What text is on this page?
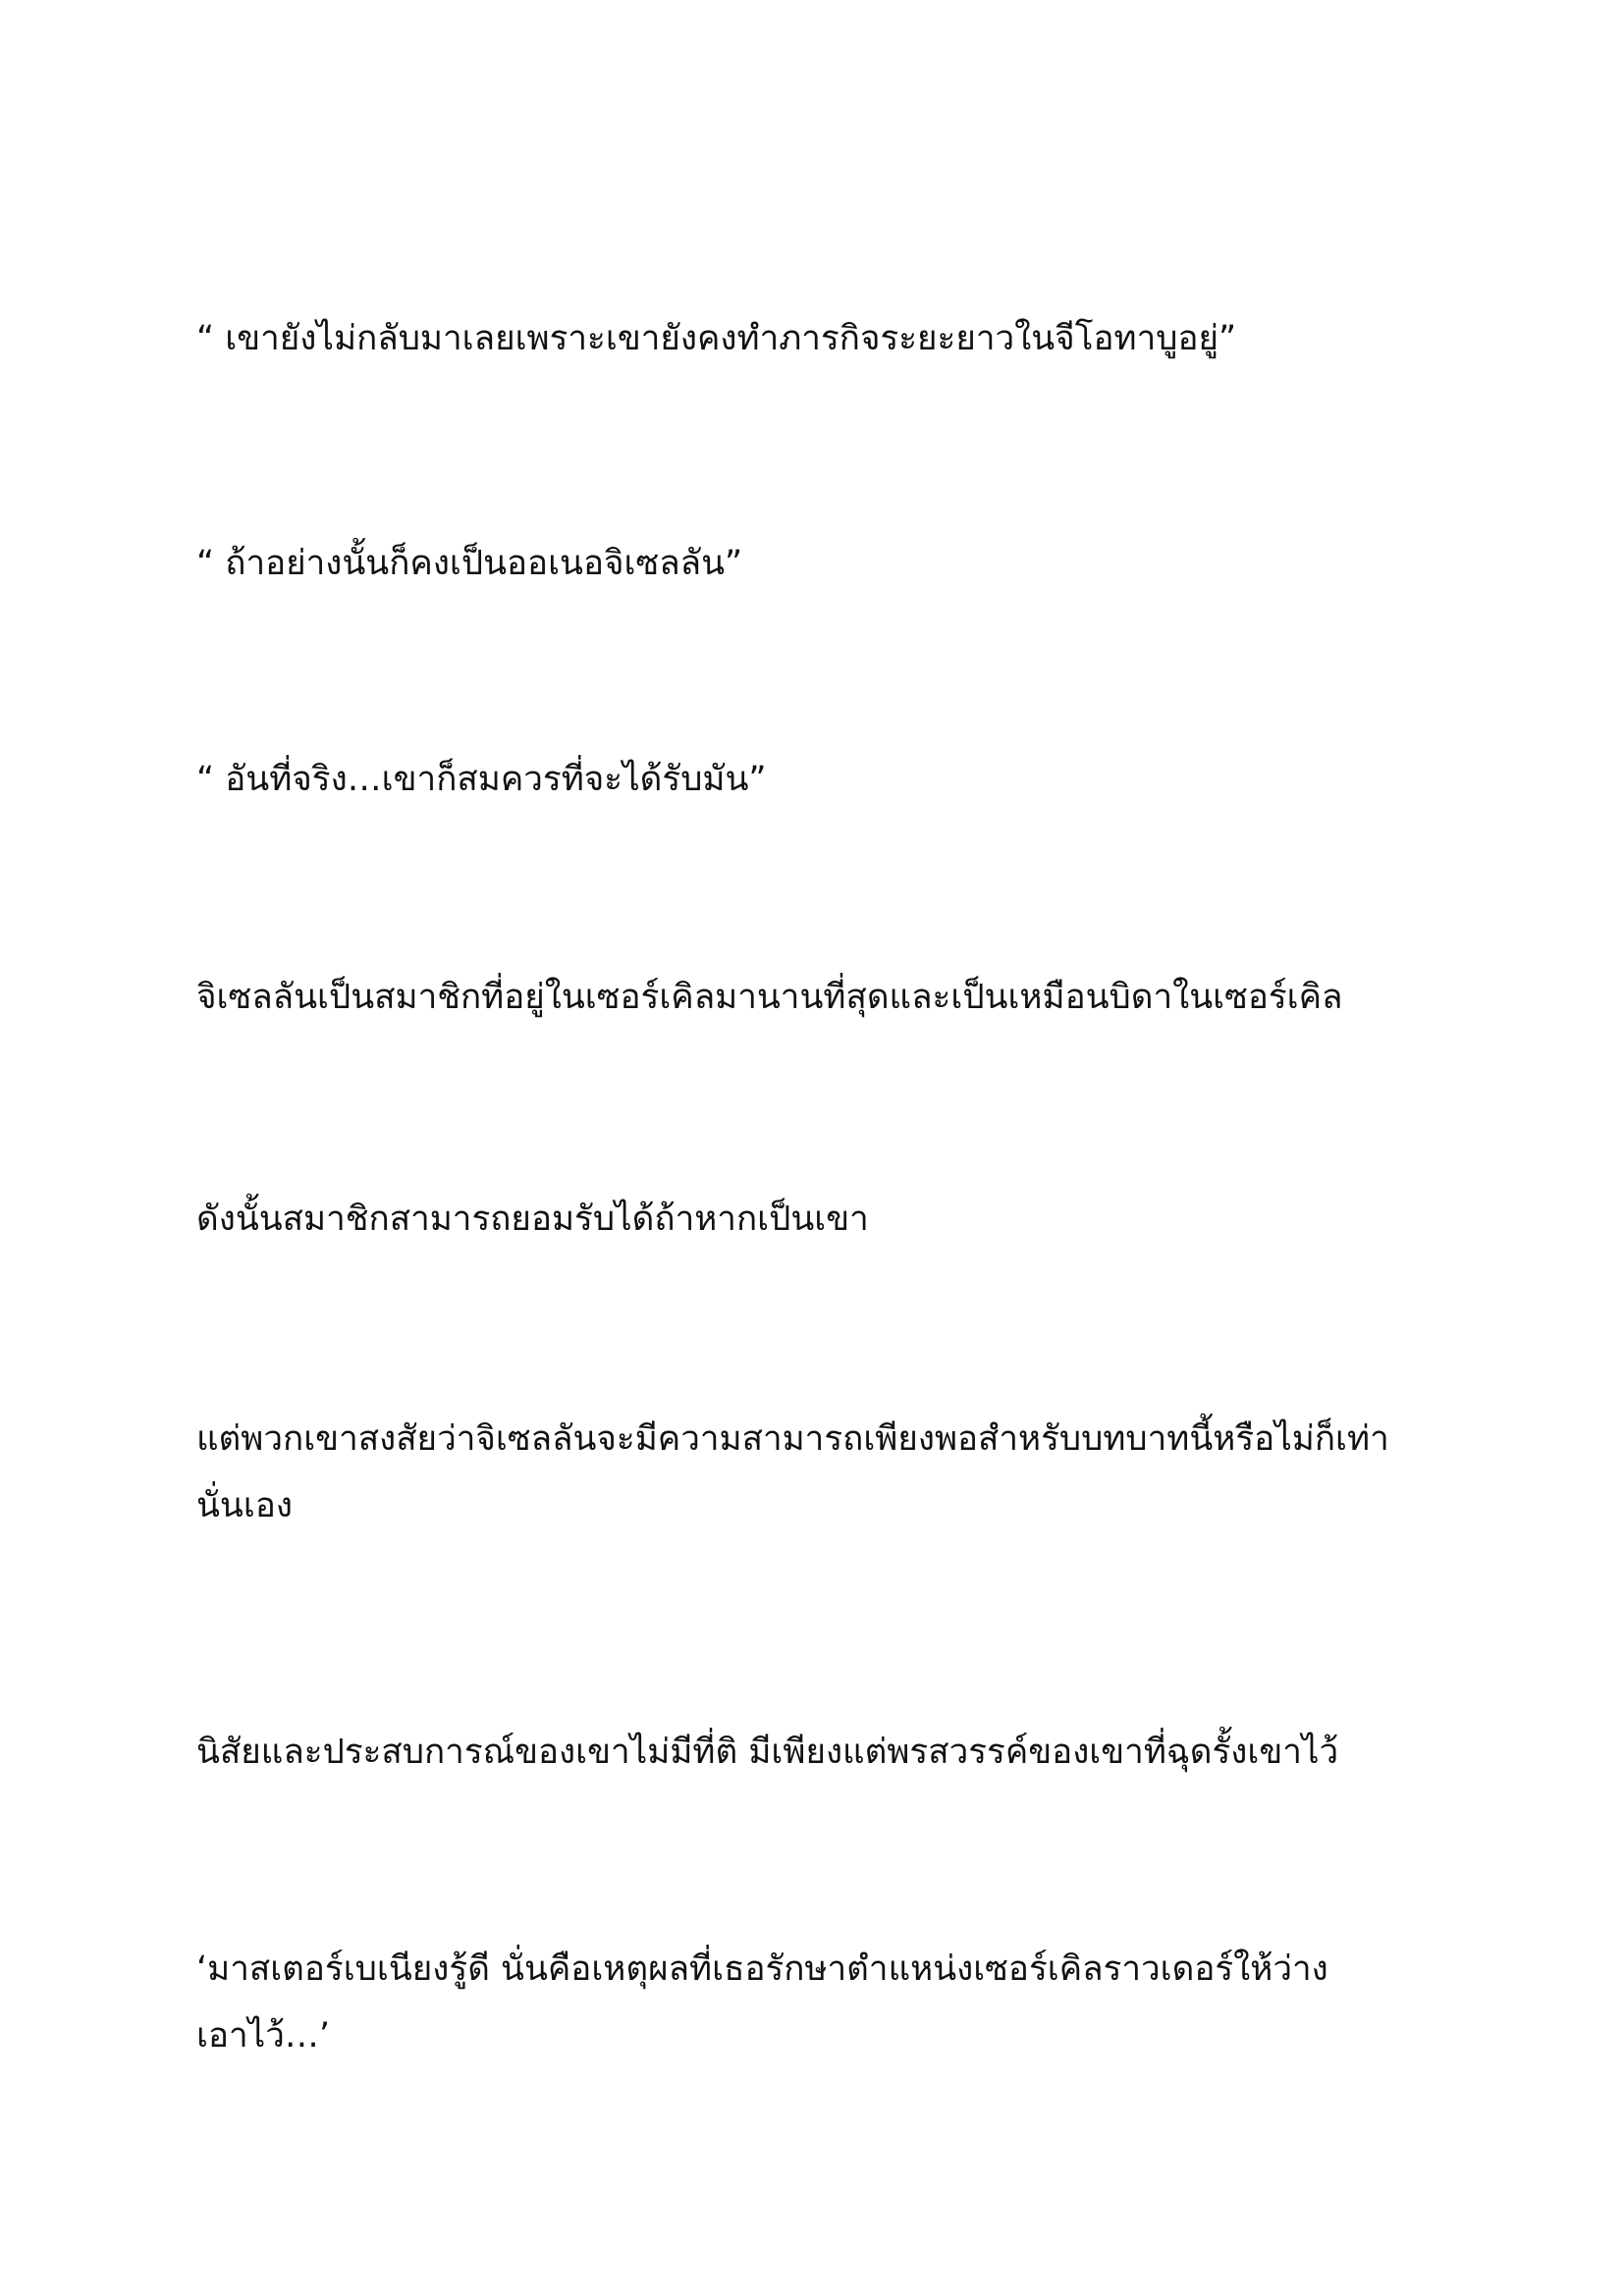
“ เขายังไม่กลับมาเลยเพราะเขายังคงทำภารกิจระยะยาวในจีโอทาบูอยู่”

“ ถ้าอย่างนั้นก็คงเป็นออเนอจิเซลลัน”

“ อันที่จริง…เขาก็สมควรที่จะได้รับมัน”

จิเซลลันเป็นสมาชิกที่อยู่ในเซอร์เคิลมานานที่สุดและเป็นเหมือนบิดาในเซอร์เคิล

ดังนั้นสมาชิกสามารถยอมรับได้ถ้าหากเป็นเขา

แต่พวกเขาสงสัยว่าจิเซลลันจะมีความสามารถเพียงพอสำหรับบทบาทนี้หรือไม่ก็เท่า
นั่นเอง

นิสัยและประสบการณ์ของเขาไม่มีที่ติ มีเพียงแต่พรสวรรค์ของเขาที่ฉุดรั้งเขาไว้

‘มาสเตอร์เบเนียงรู้ดี นั่นคือเหตุผลที่เธอรักษาตำแหน่งเซอร์เคิลราวเดอร์ให้ว่าง
เอาไว้…’
